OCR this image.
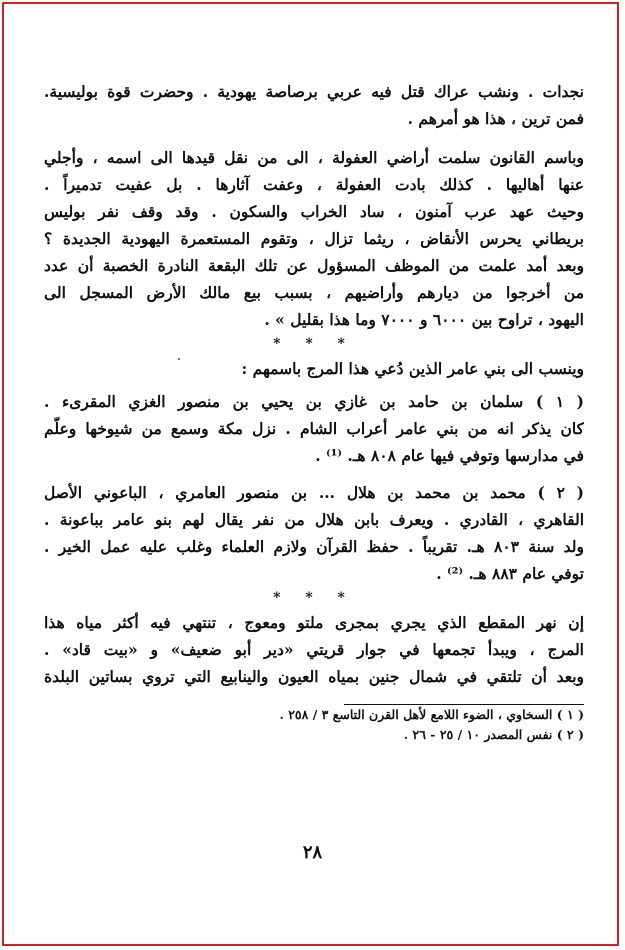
نجدات . ونشب عراك قتل فيه عربي برصاصة يهودية . وحضرت قوة بوليسية.
فمن ترين ، هذا هو أمرهم .
وباسم القانون سلمت أراضي العفولة ، الى من نقل قيدها الى اسمه ، وأجلي
عنها أهاليها . كذلك بادت العفولة ، وعفت آثارها . بل عفيت تدميراً .
وحيث عهد عرب آمنون ، ساد الخراب والسكون . وقد وقف نفر بوليس
بريطاني يحرس الأنقاض ، ريثما تزال ، وتقوم المستعمرة اليهودية الجديدة ؟
وبعد أمد علمت من الموظف المسؤول عن تلك البقعة النادرة الخصبة أن عدد
من أخرجوا من ديارهم وأراضيهم ، بسبب بيع مالك الأرض المسجل الى
اليهود ، تراوح بين ٦٠٠٠ و ٧٠٠٠ وما هذا بقليل » .
* * *
وينسب الى بني عامر الذين دُعي هذا المرج باسمهم :
( ١ ) سلمان بن حامد بن غازي بن يحيي بن منصور الغزي المقرىء .
كان يذكر انه من بني عامر أعراب الشام . نزل مكة وسمع من شيوخها وعلّم
في مدارسها وتوفي فيها عام ٨٠٨ هـ. ⁽¹⁾ .
( ٢ ) محمد بن محمد بن هلال ... بن منصور العامري ، الباعوني الأصل
القاهري ، القادري . ويعرف بابن هلال من نفر يقال لهم بنو عامر بباعونة .
ولد سنة ٨٠٣ هـ. تقريباً . حفظ القرآن ولازم العلماء وغلب عليه عمل الخير .
توفي عام ٨٨٣ هـ. ⁽²⁾ .
* * *
إن نهر المقطع الذي يجري بمجرى ملتو ومعوج ، تنتهي فيه أكثر مياه هذا
المرج ، ويبدأ تجمعها في جوار قريتي «دير أبو ضعيف» و «بيت قاد» .
وبعد أن تلتقي في شمال جنين بمياه العيون والينابيع التي تروي بساتين البلدة
( ١ ) السخاوي ، الضوء اللامع لأهل القرن التاسع ٣ / ٢٥٨ .
( ٢ ) نفس المصدر ١٠ / ٢٥ - ٢٦ .
٢٨
